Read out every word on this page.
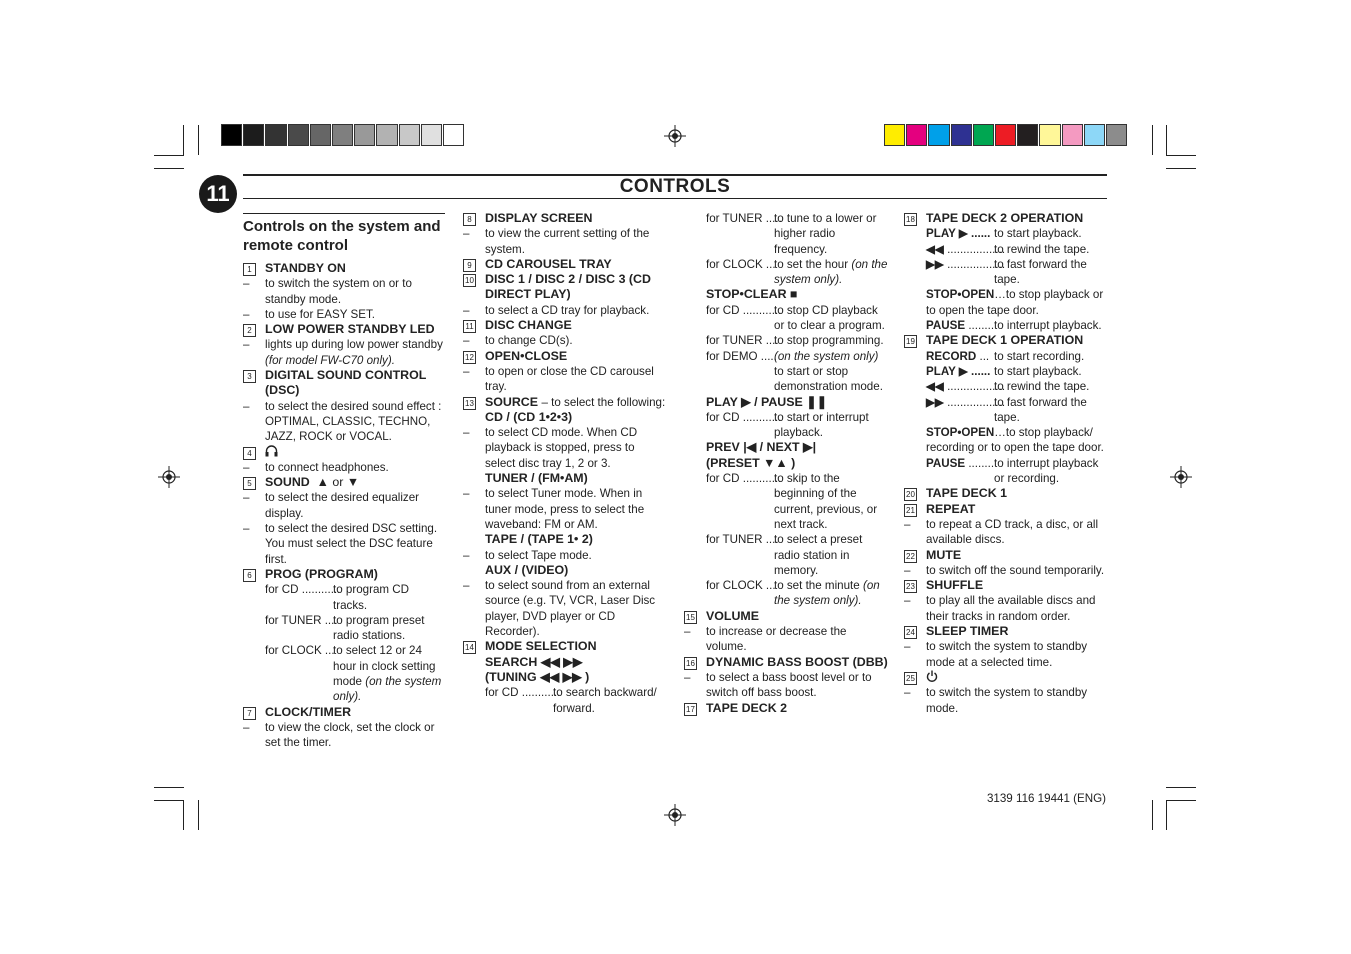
11	CONTROLS
Controls on the system and remote control
1	STANDBY ON
– to switch the system on or to standby mode.
– to use for EASY SET.
2	LOW POWER STANDBY LED
– lights up during low power standby (for model FW-C70 only).
3	DIGITAL SOUND CONTROL (DSC)
– to select the desired sound effect : OPTIMAL, CLASSIC, TECHNO, JAZZ, ROCK or VOCAL.
4
– to connect headphones.
5	SOUND ▲ or ▼
– to select the desired equalizer display.
– to select the desired DSC setting. You must select the DSC feature first.
6	PROG (PROGRAM)
for CD ............
to program CD tracks.
for TUNER ....
to program preset radio stations.
for CLOCK ...
to select 12 or 24 hour in clock setting mode (on the system only).
7	CLOCK/TIMER
– to view the clock, set the clock or set the timer.
8	DISPLAY SCREEN
– to view the current setting of the system.
9	CD CAROUSEL TRAY
10 DISC 1 / DISC 2 / DISC 3 (CD DIRECT PLAY)
– to select a CD tray for playback.
11 DISC CHANGE
– to change CD(s).
12 OPEN•CLOSE
– to open or close the CD carousel tray.
13 SOURCE – to select the following:
CD / (CD 1•2•3)
– to select CD mode. When CD playback is stopped, press to select disc tray 1, 2 or 3.
TUNER / (FM•AM)
– to select Tuner mode. When in tuner mode, press to select the waveband: FM or AM.
TAPE / (TAPE 1• 2)
– to select Tape mode.
AUX / (VIDEO)
– to select sound from an external source (e.g. TV, VCR, Laser Disc player, DVD player or CD Recorder).
14 MODE SELECTION
SEARCH ◀◀ ▶▶
(TUNING ◀◀ ▶▶ )
for CD ............
to search backward/ forward.
for TUNER .....
to tune to a lower or higher radio frequency.
for CLOCK ...
to set the hour (on the system only).
STOP•CLEAR ■
for CD ............
to stop CD playback or to clear a program.
for TUNER ....
to stop programming.
for DEMO .....
(on the system only) to start or stop demonstration mode.
PLAY ▶ / PAUSE ❚❚
for CD ............
to start or interrupt playback.
PREV |◀ / NEXT ▶|
(PRESET ▼▲ )
for CD ............
to skip to the beginning of the current, previous, or next track.
for TUNER ....
to select a preset radio station in memory.
for CLOCK ...
to set the minute (on the system only).
15 VOLUME
– to increase or decrease the volume.
16 DYNAMIC BASS BOOST (DBB)
– to select a bass boost level or to switch off bass boost.
17 TAPE DECK 2
18 TAPE DECK 2 OPERATION
PLAY ▶ ...... to start playback.
◀◀ ..................
to rewind the tape.
▶▶ ..................
to fast forward the tape.
STOP•OPEN…to stop playback or to open the tape door.
PAUSE ........ to interrupt playback.
19 TAPE DECK 1 OPERATION
RECORD ... to start recording.
PLAY ▶ ...... to start playback.
◀◀ ..................
to rewind the tape.
▶▶ ..................
to fast forward the tape.
STOP•OPEN…to stop playback/ recording or to open the tape door.
PAUSE ........ to interrupt playback or recording.
20 TAPE DECK 1
21 REPEAT
– to repeat a CD track, a disc, or all available discs.
22 MUTE
– to switch off the sound temporarily.
23 SHUFFLE
– to play all the available discs and their tracks in random order.
24 SLEEP TIMER
– to switch the system to standby mode at a selected time.
25
– to switch the system to standby mode.
3139 116 19441 (ENG)
